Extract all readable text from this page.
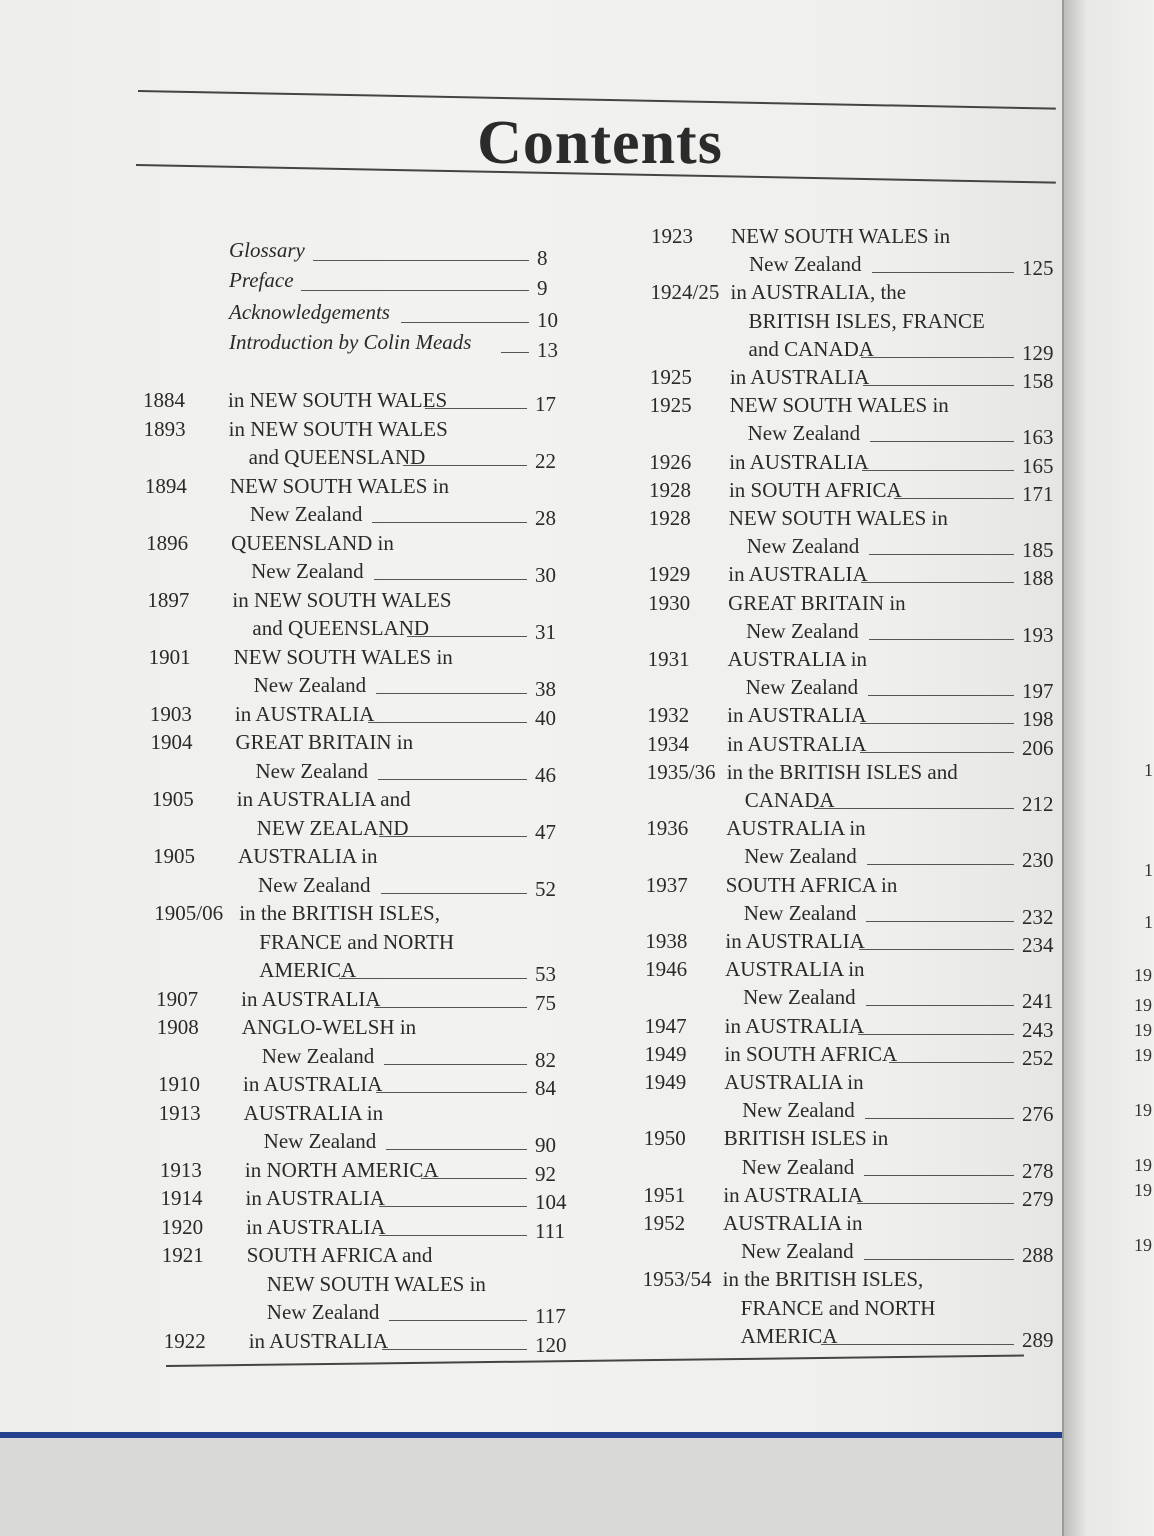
Contents
Glossary	8
Preface	9
Acknowledgements	10
Introduction by Colin Meads	13
1884 in NEW SOUTH WALES	17
1893 in NEW SOUTH WALES
and QUEENSLAND	22
1894 NEW SOUTH WALES in
New Zealand	28
1896 QUEENSLAND in
New Zealand	30
1897 in NEW SOUTH WALES
and QUEENSLAND	31
1901 NEW SOUTH WALES in
New Zealand	38
1903 in AUSTRALIA	40
1904 GREAT BRITAIN in
New Zealand	46
1905 in AUSTRALIA and
NEW ZEALAND	47
1905 AUSTRALIA in
New Zealand	52
1905/06 in the BRITISH ISLES,
FRANCE and NORTH
AMERICA	53
1907 in AUSTRALIA	75
1908 ANGLO-WELSH in
New Zealand	82
1910 in AUSTRALIA	84
1913 AUSTRALIA in
New Zealand	90
1913 in NORTH AMERICA	92
1914 in AUSTRALIA	104
1920 in AUSTRALIA	111
1921 SOUTH AFRICA and
NEW SOUTH WALES in
New Zealand	117
1922 in AUSTRALIA	120
1923 NEW SOUTH WALES in
New Zealand	125
1924/25 in AUSTRALIA, the
BRITISH ISLES, FRANCE
and CANADA	129
1925 in AUSTRALIA	158
1925 NEW SOUTH WALES in
New Zealand	163
1926 in AUSTRALIA	165
1928 in SOUTH AFRICA	171
1928 NEW SOUTH WALES in
New Zealand	185
1929 in AUSTRALIA	188
1930 GREAT BRITAIN in
New Zealand	193
1931 AUSTRALIA in
New Zealand	197
1932 in AUSTRALIA	198
1934 in AUSTRALIA	206
1935/36 in the BRITISH ISLES and
CANADA	212
1936 AUSTRALIA in
New Zealand	230
1937 SOUTH AFRICA in
New Zealand	232
1938 in AUSTRALIA	234
1946 AUSTRALIA in
New Zealand	241
1947 in AUSTRALIA	243
1949 in SOUTH AFRICA	252
1949 AUSTRALIA in
New Zealand	276
1950 BRITISH ISLES in
New Zealand	278
1951 in AUSTRALIA	279
1952 AUSTRALIA in
New Zealand	288
1953/54 in the BRITISH ISLES,
FRANCE and NORTH
AMERICA	289
1
1
1
19
19
19
19
19
19
19
19
